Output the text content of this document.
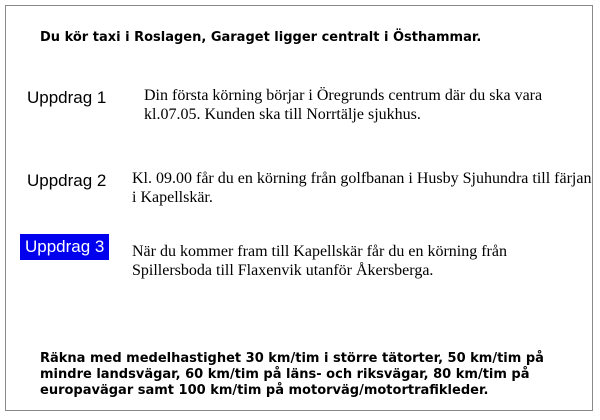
Du kör taxi i Roslagen, Garaget ligger centralt i Östhammar.
Uppdrag 1	Din första körning börjar i Öregrunds centrum där du ska vara kl.07.05. Kunden ska till Norrtälje sjukhus.
Uppdrag 2	Kl. 09.00 får du en körning från golfbanan i Husby Sjuhundra till färjan i Kapellskär.
Uppdrag 3	När du kommer fram till Kapellskär får du en körning från Spillersboda till Flaxenvik utanför Åkersberga.
Räkna med medelhastighet 30 km/tim i större tätorter, 50 km/tim på mindre landsvägar, 60 km/tim på läns- och riksvägar, 80 km/tim på europavägar samt 100 km/tim på motorväg/motortrafikleder.
